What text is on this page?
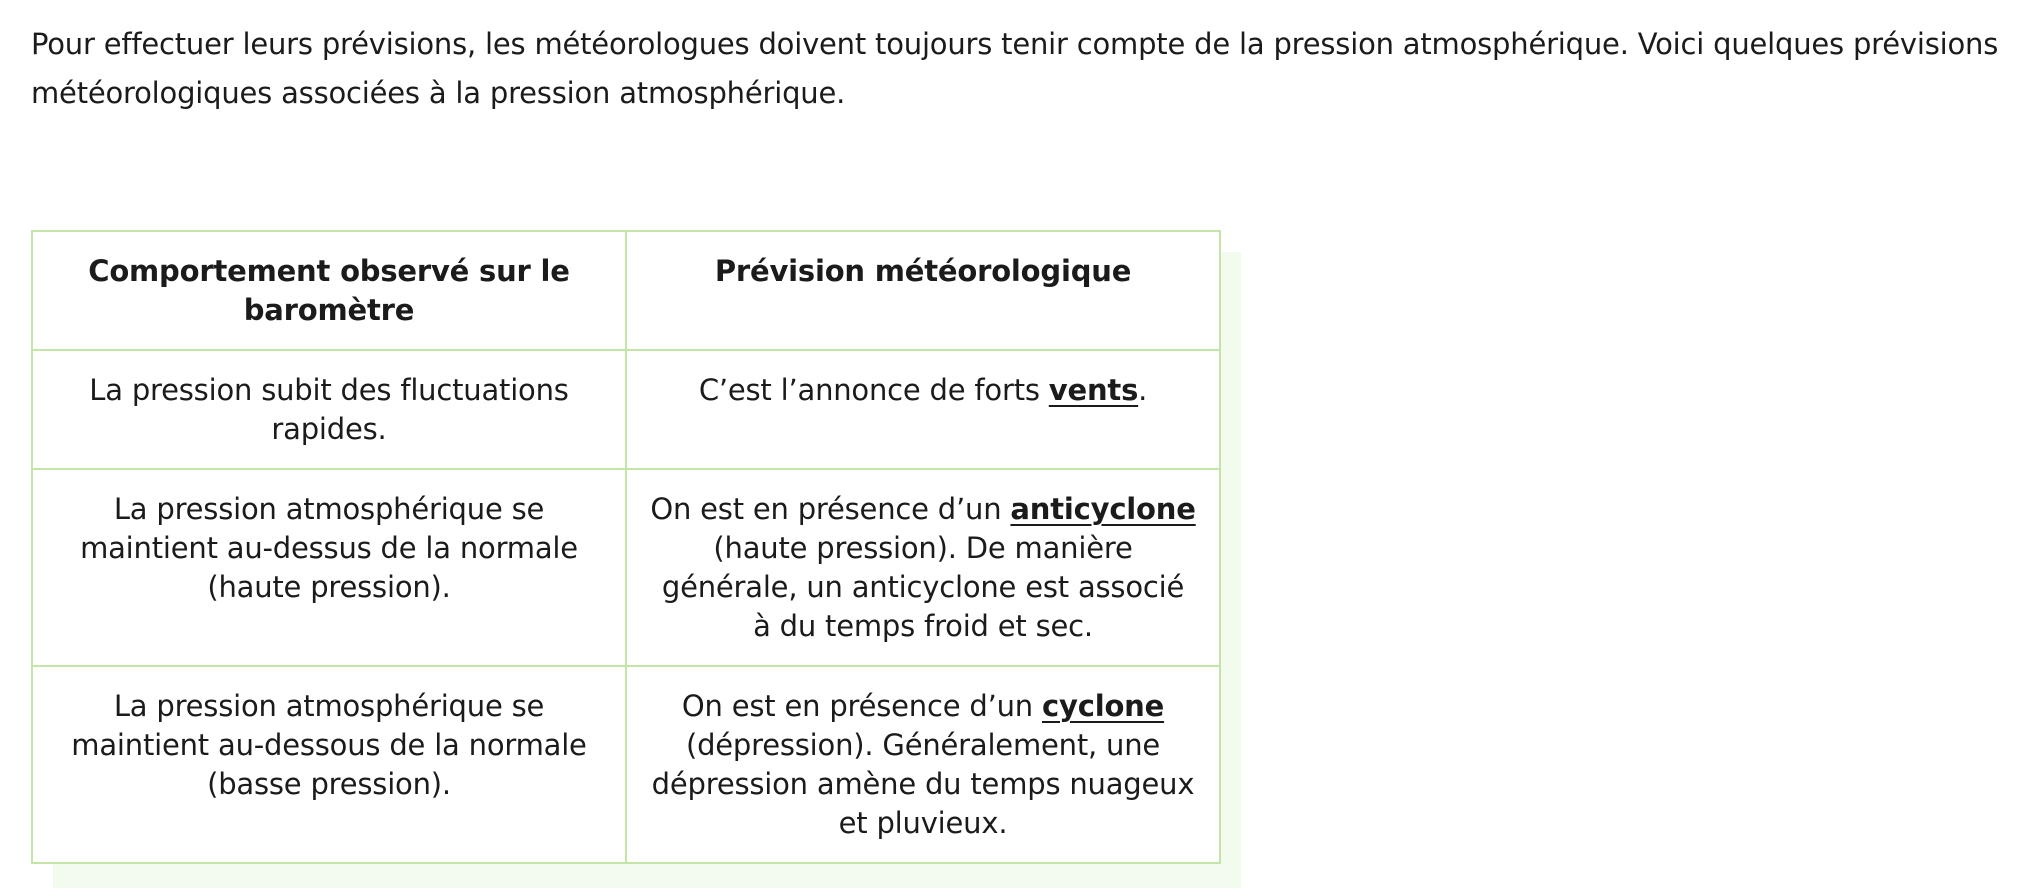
Pour effectuer leurs prévisions, les météorologues doivent toujours tenir compte de la pression atmosphérique. Voici quelques prévisions météorologiques associées à la pression atmosphérique.

Comportement observé sur le baromètre	Prévision météorologique
La pression subit des fluctuations rapides.	C’est l’annonce de forts vents.
La pression atmosphérique se maintient au-dessus de la normale (haute pression).	On est en présence d’un anticyclone (haute pression). De manière générale, un anticyclone est associé à du temps froid et sec.
La pression atmosphérique se maintient au-dessous de la normale (basse pression).	On est en présence d’un cyclone (dépression). Généralement, une dépression amène du temps nuageux et pluvieux.
